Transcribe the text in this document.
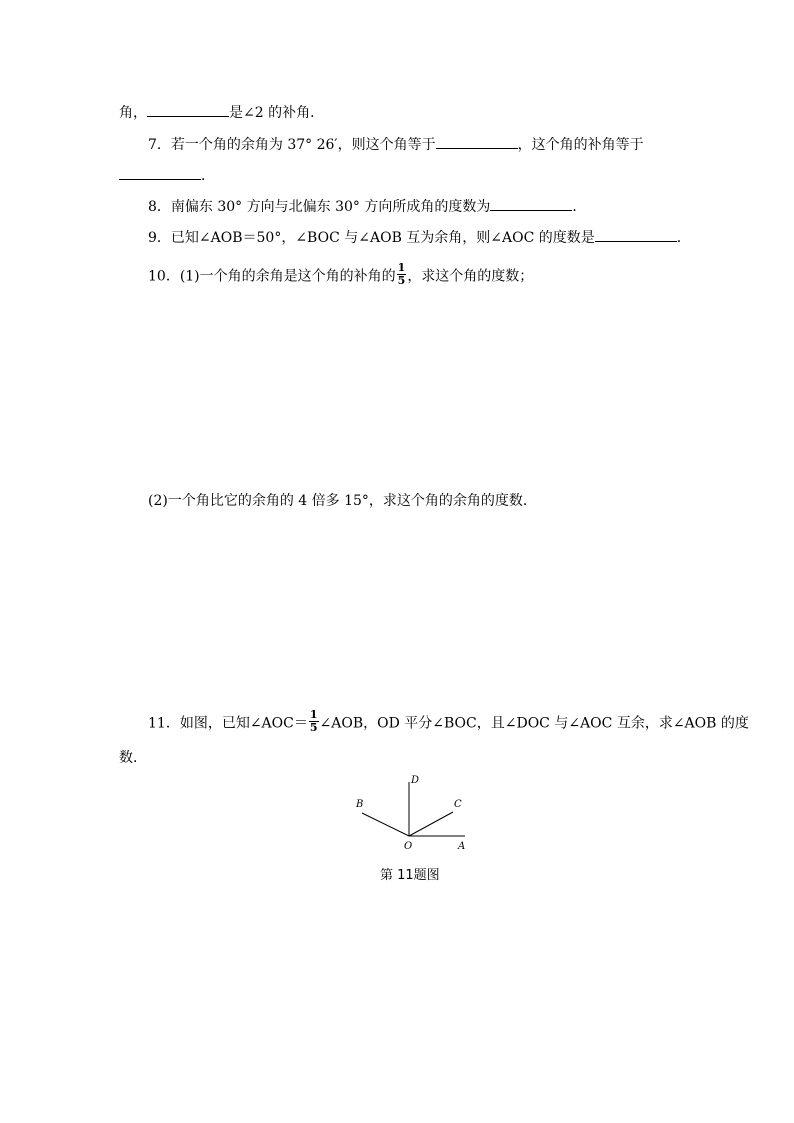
角，	是∠2 的补角．
7．若一个角的余角为 37° 26′，则这个角等于	，这个角的补角等于
．
8．南偏东 30° 方向与北偏东 30° 方向所成角的度数为	．
9．已知∠AOB＝50°，∠BOC 与∠AOB 互为余角，则∠AOC 的度数是	．
10．(1)一个角的余角是这个角的补角的 $\frac{1}{5}$ ，求这个角的度数；
(2)一个角比它的余角的 4 倍多 15°，求这个角的余角的度数．
11．如图，已知∠AOC＝ $\frac{1}{5}$ ∠AOB，OD 平分∠BOC，且∠DOC 与∠AOC 互余，求∠AOB 的度
数．
D
B	C
O	A
第 11题图
